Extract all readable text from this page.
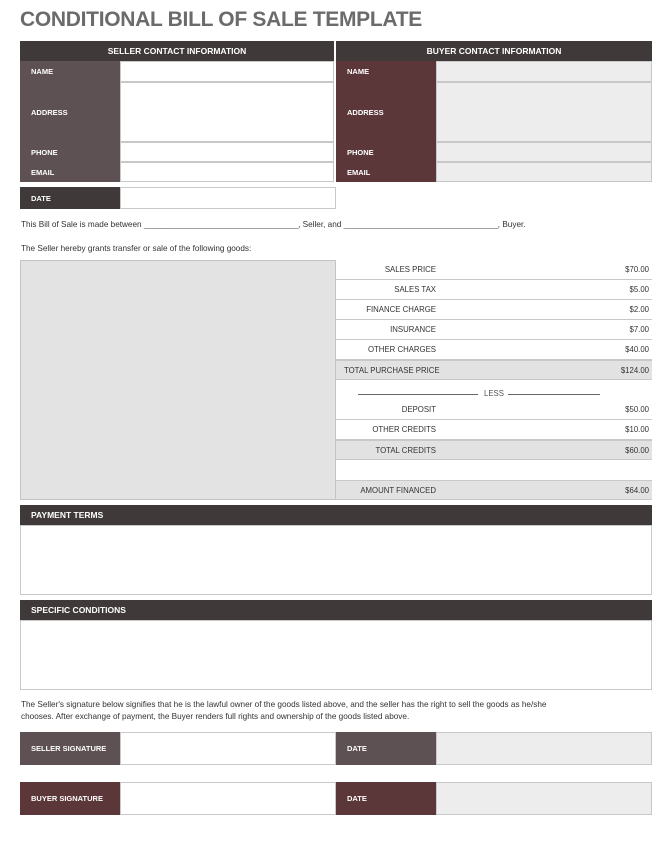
CONDITIONAL BILL OF SALE TEMPLATE
SELLER CONTACT INFORMATION	BUYER CONTACT INFORMATION
NAME
ADDRESS
PHONE
EMAIL
NAME
ADDRESS
PHONE
EMAIL
DATE
This Bill of Sale is made between _______________________________________, Seller, and _______________________________________, Buyer.
The Seller hereby grants transfer or sale of the following goods:
SALES PRICE	$70.00
SALES TAX	$5.00
FINANCE CHARGE	$2.00
INSURANCE	$7.00
OTHER CHARGES	$40.00
TOTAL PURCHASE PRICE	$124.00
LESS
DEPOSIT	$50.00
OTHER CREDITS	$10.00
TOTAL CREDITS	$60.00
AMOUNT FINANCED	$64.00
PAYMENT TERMS
SPECIFIC CONDITIONS
The Seller's signature below signifies that he is the lawful owner of the goods listed above, and the seller has the right to sell the goods as he/she
chooses. After exchange of payment, the Buyer renders full rights and ownership of the goods listed above.
SELLER SIGNATURE	DATE
BUYER SIGNATURE	DATE
